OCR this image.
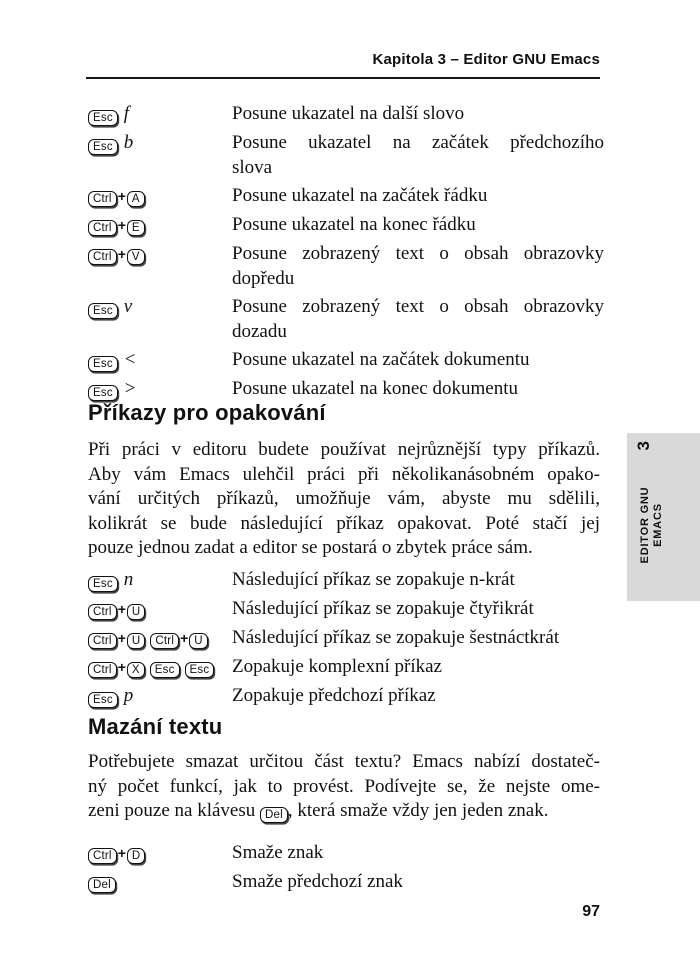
Kapitola 3 – Editor GNU Emacs
Esc f	Posune ukazatel na další slovo
Esc b	Posune ukazatel na začátek předchozího
slova
Ctrl + A	Posune ukazatel na začátek řádku
Ctrl + E	Posune ukazatel na konec řádku
Ctrl + V	Posune zobrazený text o obsah obrazovky
dopředu
Esc v	Posune zobrazený text o obsah obrazovky
dozadu
Esc <	Posune ukazatel na začátek dokumentu
Esc >	Posune ukazatel na konec dokumentu
Příkazy pro opakování
Při práci v editoru budete používat nejrůznější typy příkazů.
Aby vám Emacs ulehčil práci při několikanásobném opako-
vání určitých příkazů, umožňuje vám, abyste mu sdělili,
kolikrát se bude následující příkaz opakovat. Poté stačí jej
pouze jednou zadat a editor se postará o zbytek práce sám.
Esc n	Následující příkaz se zopakuje n-krát
Ctrl + U	Následující příkaz se zopakuje čtyřikrát
Ctrl + U Ctrl + U	Následující příkaz se zopakuje šestnáctkrát
Ctrl + X Esc Esc	Zopakuje komplexní příkaz
Esc p	Zopakuje předchozí příkaz
Mazání textu
Potřebujete smazat určitou část textu? Emacs nabízí dostateč-
ný počet funkcí, jak to provést. Podívejte se, že nejste ome-
zeni pouze na klávesu Del , která smaže vždy jen jeden znak.
Ctrl + D	Smaže znak
Del	Smaže předchozí znak
EDITOR GNU EMACS
3
97
